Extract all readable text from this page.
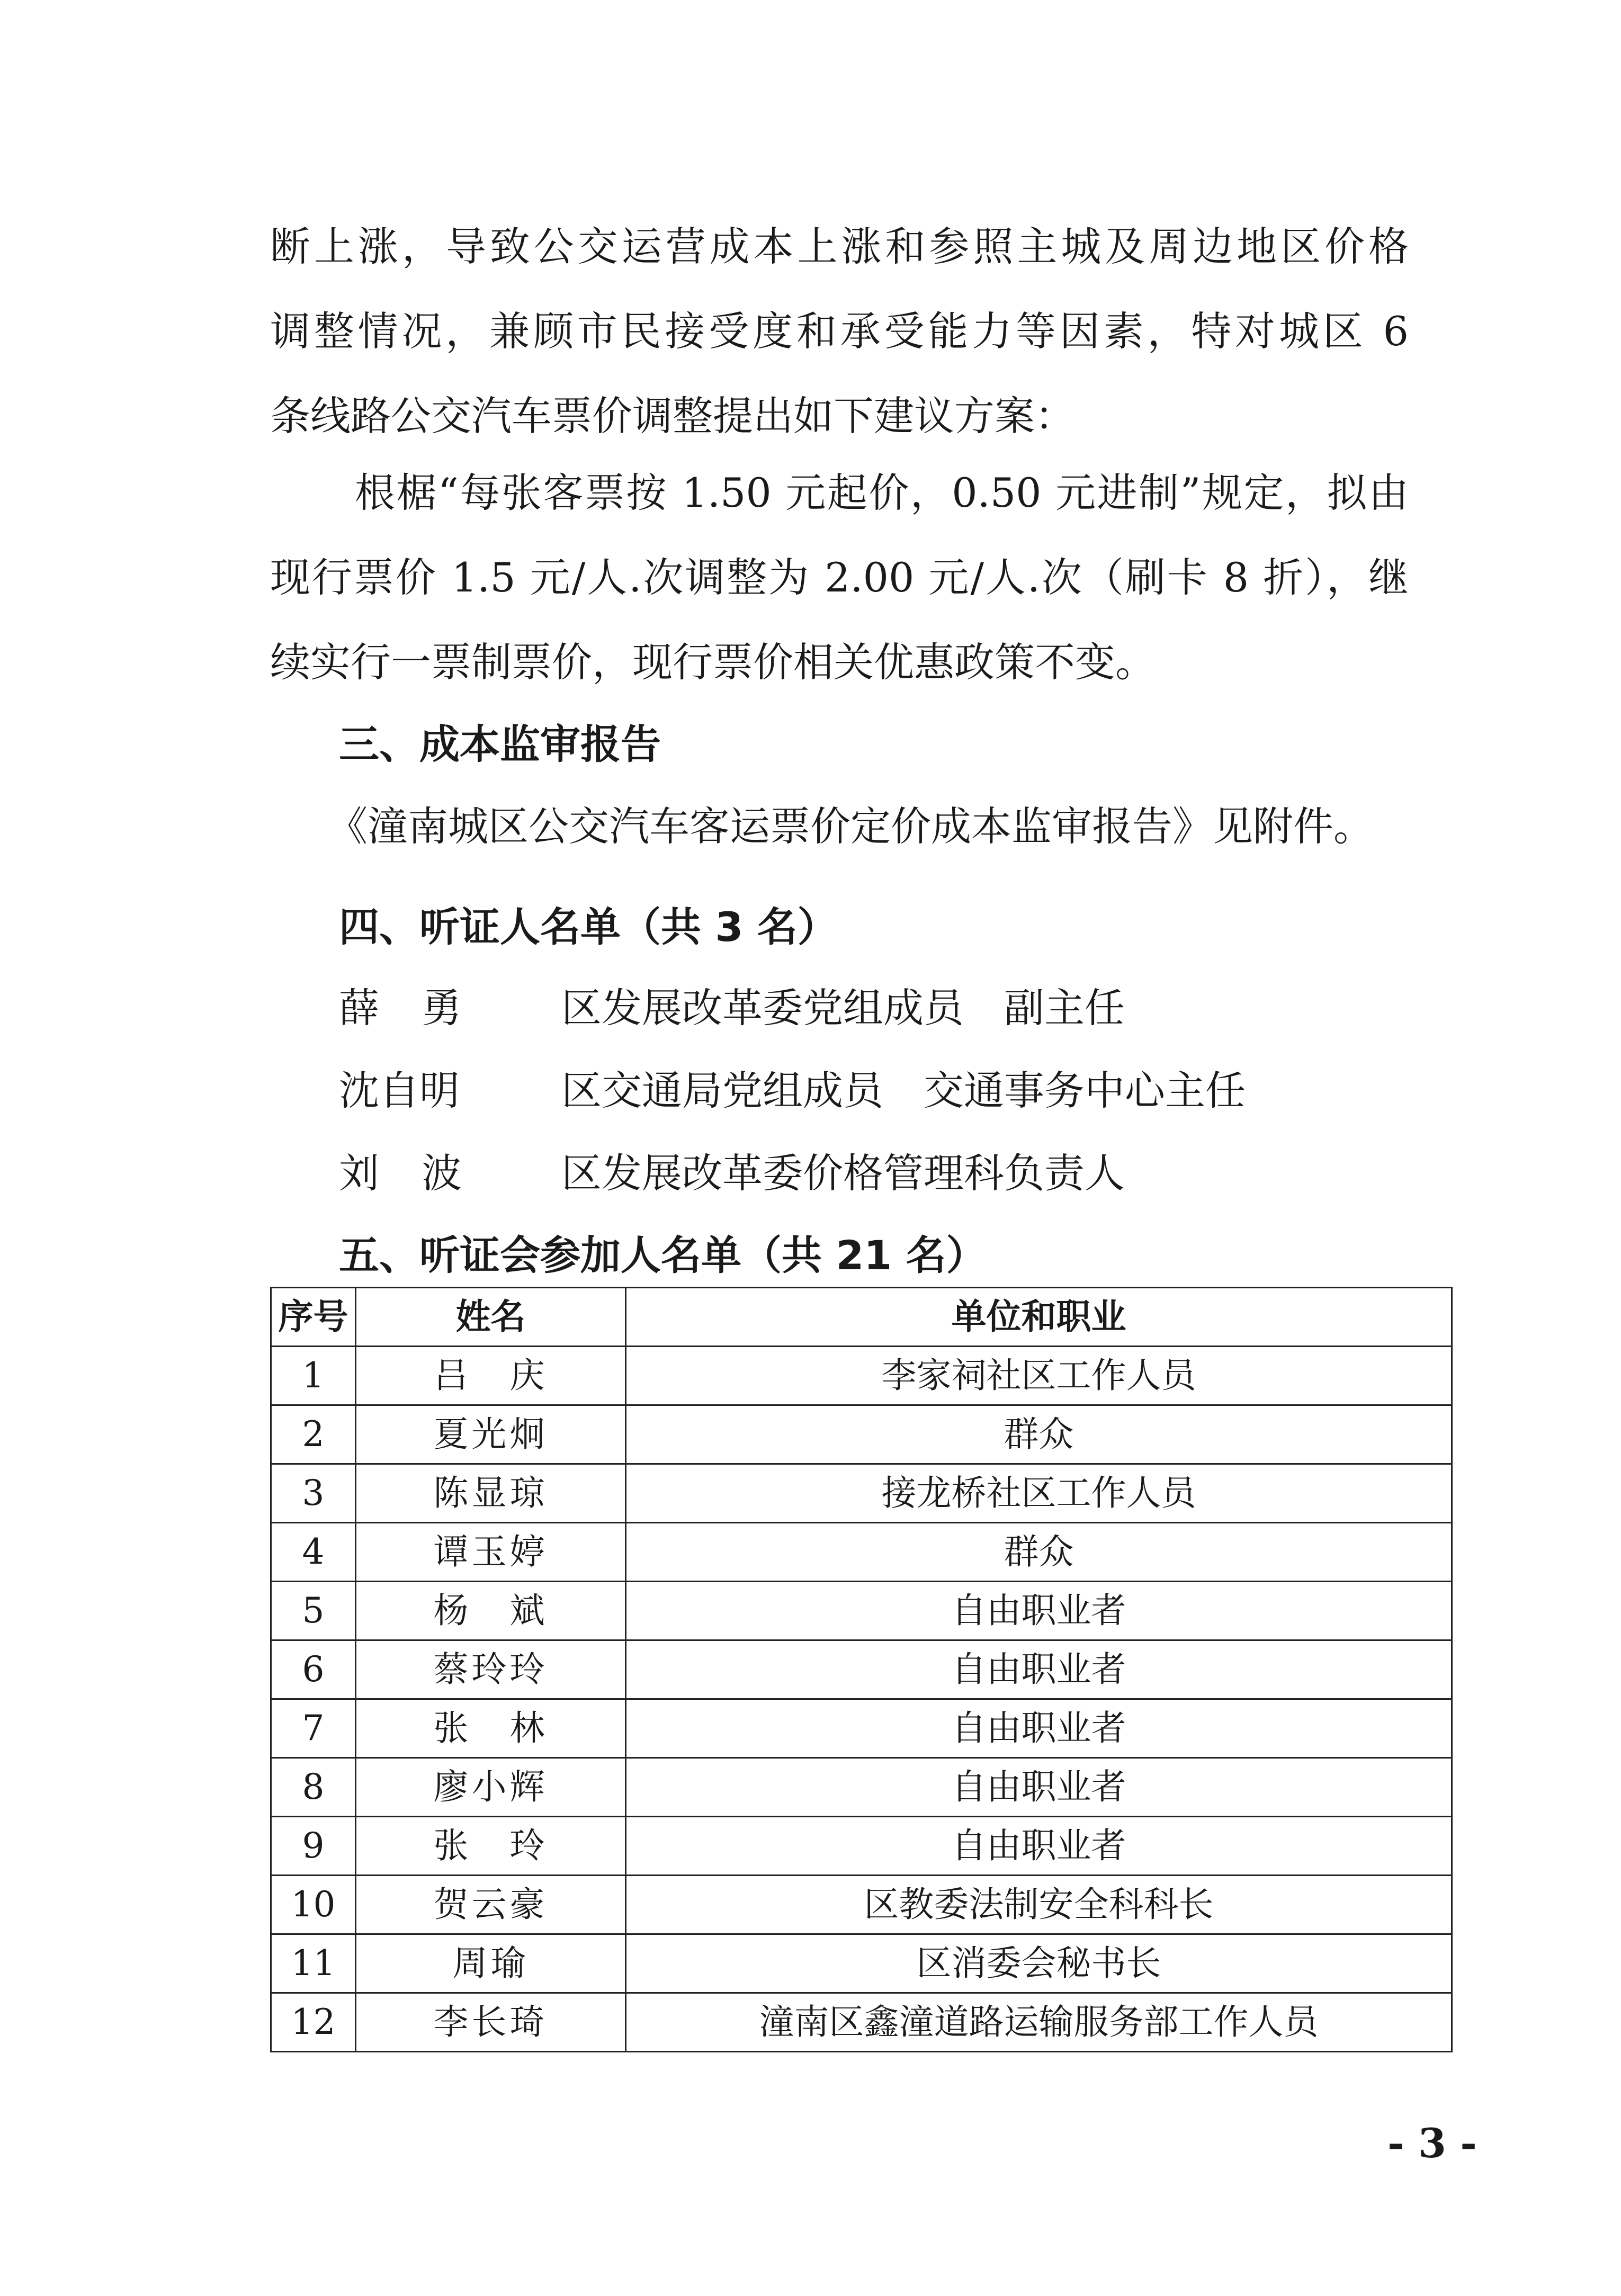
断上涨，导致公交运营成本上涨和参照主城及周边地区价格
调整情况，兼顾市民接受度和承受能力等因素，特对城区 6
条线路公交汽车票价调整提出如下建议方案：
根椐“每张客票按 1.50 元起价，0.50 元进制”规定，拟由
现行票价 1.5 元/人.次调整为 2.00 元/人.次（刷卡 8 折），继
续实行一票制票价，现行票价相关优惠政策不变。
三、成本监审报告
《潼南城区公交汽车客运票价定价成本监审报告》见附件。
四、听证人名单（共 3 名）
薛勇 区发展改革委党组成员　副主任
沈自明	区交通局党组成员　交通事务中心主任
刘波 区发展改革委价格管理科负责人
五、听证会参加人名单（共 21 名）
序号	姓名	单位和职业
1	吕　庆	李家祠社区工作人员
2	夏光炯	群众
3	陈显琼	接龙桥社区工作人员
4	谭玉婷	群众
5	杨　斌	自由职业者
6	蔡玲玲	自由职业者
7	张　林	自由职业者
8	廖小辉	自由职业者
9	张　玲	自由职业者
10	贺云豪	区教委法制安全科科长
11	周瑜	区消委会秘书长
12	李长琦	潼南区鑫潼道路运输服务部工作人员
- 3 -
